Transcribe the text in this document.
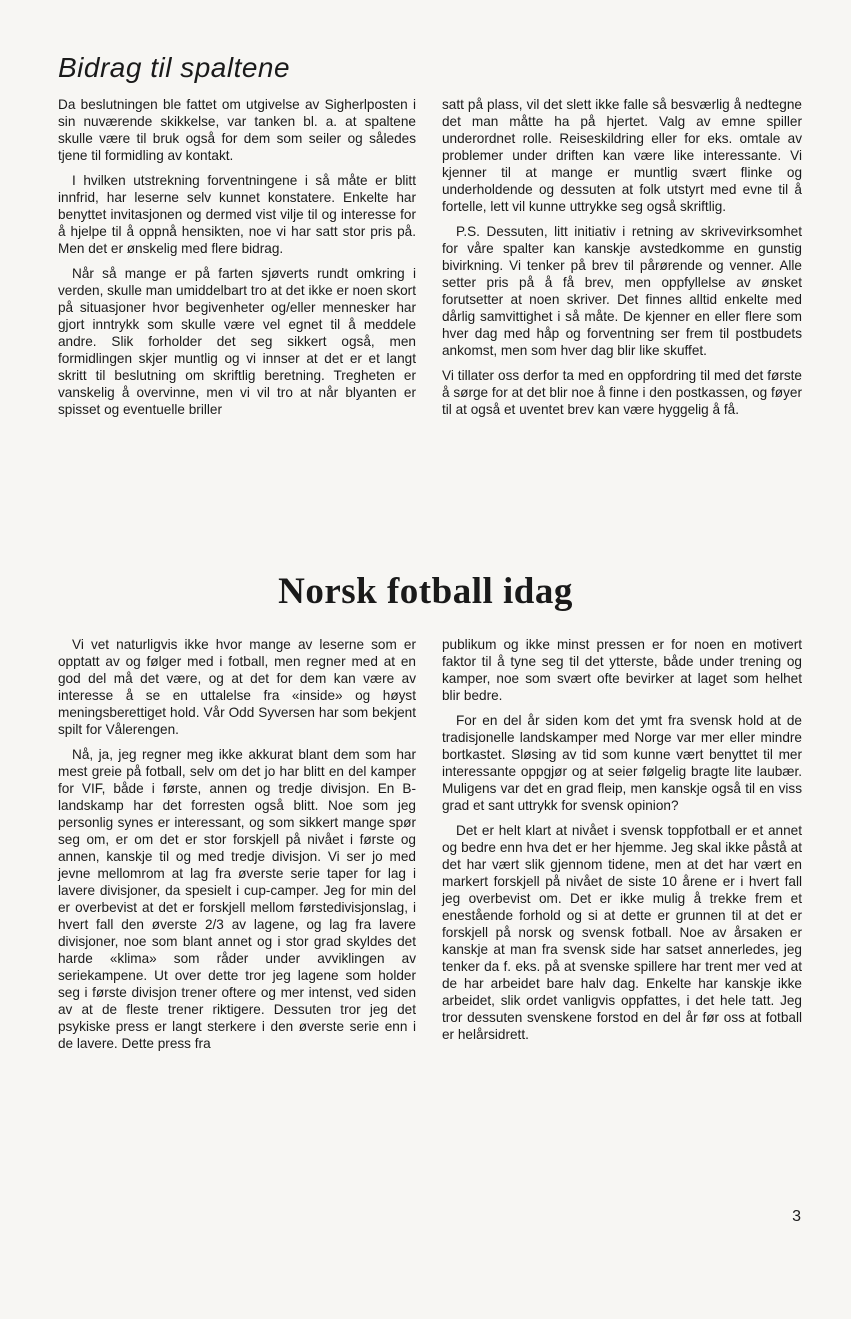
Bidrag til spaltene

Da beslutningen ble fattet om utgivelse av Sigherlposten i sin nuværende skikkelse, var tanken bl. a. at spaltene skulle være til bruk også for dem som seiler og således tjene til formidling av kontakt.

I hvilken utstrekning forventningene i så måte er blitt innfrid, har leserne selv kunnet konstatere. Enkelte har benyttet invitasjonen og dermed vist vilje til og interesse for å hjelpe til å oppnå hensikten, noe vi har satt stor pris på. Men det er ønskelig med flere bidrag.

Når så mange er på farten sjøverts rundt omkring i verden, skulle man umiddelbart tro at det ikke er noen skort på situasjoner hvor begivenheter og/eller mennesker har gjort inntrykk som skulle være vel egnet til å meddele andre. Slik forholder det seg sikkert også, men formidlingen skjer muntlig og vi innser at det er et langt skritt til beslutning om skriftlig beretning. Tregheten er vanskelig å overvinne, men vi vil tro at når blyanten er spisset og eventuelle briller

satt på plass, vil det slett ikke falle så besværlig å nedtegne det man måtte ha på hjertet. Valg av emne spiller underordnet rolle. Reiseskildring eller for eks. omtale av problemer under driften kan være like interessante. Vi kjenner til at mange er muntlig svært flinke og underholdende og dessuten at folk utstyrt med evne til å fortelle, lett vil kunne uttrykke seg også skriftlig.

P.S. Dessuten, litt initiativ i retning av skrivevirksomhet for våre spalter kan kanskje avstedkomme en gunstig bivirkning. Vi tenker på brev til pårørende og venner. Alle setter pris på å få brev, men oppfyllelse av ønsket forutsetter at noen skriver. Det finnes alltid enkelte med dårlig samvittighet i så måte. De kjenner en eller flere som hver dag med håp og forventning ser frem til postbudets ankomst, men som hver dag blir like skuffet.

Vi tillater oss derfor ta med en oppfordring til med det første å sørge for at det blir noe å finne i den postkassen, og føyer til at også et uventet brev kan være hyggelig å få.

Norsk fotball idag

Vi vet naturligvis ikke hvor mange av leserne som er opptatt av og følger med i fotball, men regner med at en god del må det være, og at det for dem kan være av interesse å se en uttalelse fra «inside» og høyst meningsberettiget hold. Vår Odd Syversen har som bekjent spilt for Vålerengen.

Nå, ja, jeg regner meg ikke akkurat blant dem som har mest greie på fotball, selv om det jo har blitt en del kamper for VIF, både i første, annen og tredje divisjon. En B-landskamp har det forresten også blitt. Noe som jeg personlig synes er interessant, og som sikkert mange spør seg om, er om det er stor forskjell på nivået i første og annen, kanskje til og med tredje divisjon. Vi ser jo med jevne mellomrom at lag fra øverste serie taper for lag i lavere divisjoner, da spesielt i cup-camper. Jeg for min del er overbevist at det er forskjell mellom førstedivisjonslag, i hvert fall den øverste 2/3 av lagene, og lag fra lavere divisjoner, noe som blant annet og i stor grad skyldes det harde «klima» som råder under avviklingen av seriekampene. Ut over dette tror jeg lagene som holder seg i første divisjon trener oftere og mer intenst, ved siden av at de fleste trener riktigere. Dessuten tror jeg det psykiske press er langt sterkere i den øverste serie enn i de lavere. Dette press fra

publikum og ikke minst pressen er for noen en motivert faktor til å tyne seg til det ytterste, både under trening og kamper, noe som svært ofte bevirker at laget som helhet blir bedre.

For en del år siden kom det ymt fra svensk hold at de tradisjonelle landskamper med Norge var mer eller mindre bortkastet. Sløsing av tid som kunne vært benyttet til mer interessante oppgjør og at seier følgelig bragte lite laubær. Muligens var det en grad fleip, men kanskje også til en viss grad et sant uttrykk for svensk opinion?

Det er helt klart at nivået i svensk toppfotball er et annet og bedre enn hva det er her hjemme. Jeg skal ikke påstå at det har vært slik gjennom tidene, men at det har vært en markert forskjell på nivået de siste 10 årene er i hvert fall jeg overbevist om. Det er ikke mulig å trekke frem et enestående forhold og si at dette er grunnen til at det er forskjell på norsk og svensk fotball. Noe av årsaken er kanskje at man fra svensk side har satset annerledes, jeg tenker da f. eks. på at svenske spillere har trent mer ved at de har arbeidet bare halv dag. Enkelte har kanskje ikke arbeidet, slik ordet vanligvis oppfattes, i det hele tatt. Jeg tror dessuten svenskene forstod en del år før oss at fotball er helårsidrett.

3
